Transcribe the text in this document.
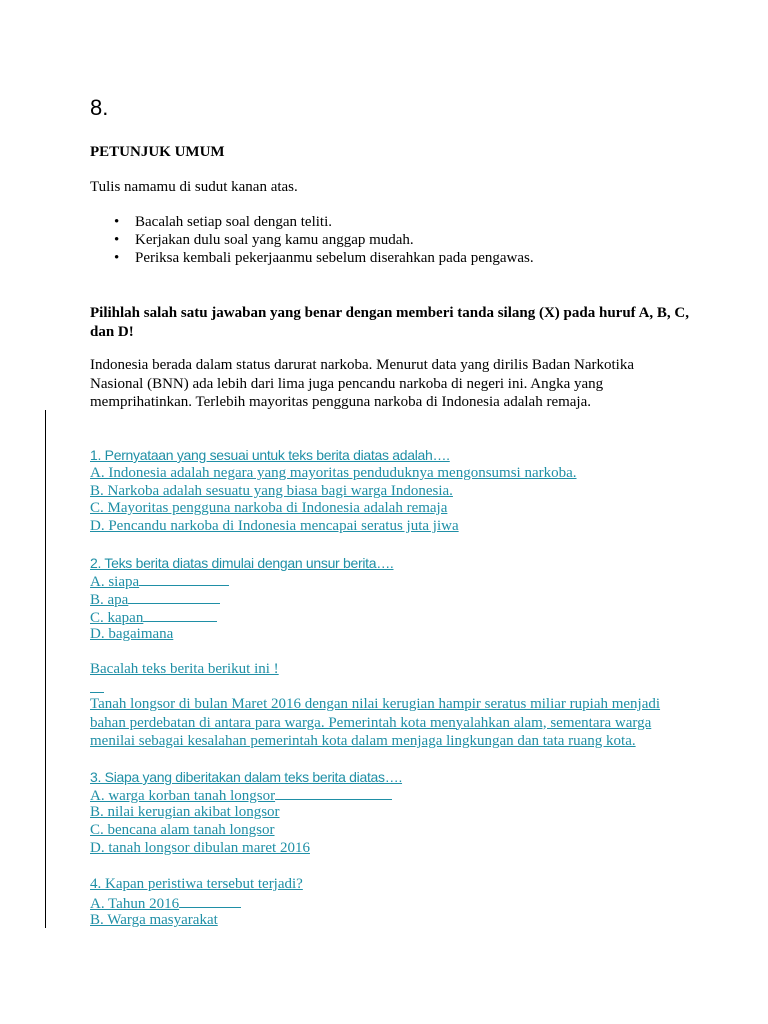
8.
PETUNJUK UMUM
Tulis namamu di sudut kanan atas.
• Bacalah setiap soal dengan teliti.
• Kerjakan dulu soal yang kamu anggap mudah.
• Periksa kembali pekerjaanmu sebelum diserahkan pada pengawas.
Pilihlah salah satu jawaban yang benar dengan memberi tanda silang (X) pada huruf A, B, C, dan D!
Indonesia berada dalam status darurat narkoba. Menurut data yang dirilis Badan Narkotika Nasional (BNN) ada lebih dari lima juga pencandu narkoba di negeri ini. Angka yang memprihatinkan. Terlebih mayoritas pengguna narkoba di Indonesia adalah remaja.
1. Pernyataan yang sesuai untuk teks berita diatas adalah….
A. Indonesia adalah negara yang mayoritas penduduknya mengonsumsi narkoba.
B. Narkoba adalah sesuatu yang biasa bagi warga Indonesia.
C. Mayoritas pengguna narkoba di Indonesia adalah remaja
D. Pencandu narkoba di Indonesia mencapai seratus juta jiwa
2. Teks berita diatas dimulai dengan unsur berita….
A. siapa
B. apa
C. kapan
D. bagaimana
Bacalah teks berita berikut ini !
Tanah longsor di bulan Maret 2016 dengan nilai kerugian hampir seratus miliar rupiah menjadi bahan perdebatan di antara para warga. Pemerintah kota menyalahkan alam, sementara warga menilai sebagai kesalahan pemerintah kota dalam menjaga lingkungan dan tata ruang kota.
3. Siapa yang diberitakan dalam teks berita diatas….
A. warga korban tanah longsor
B. nilai kerugian akibat longsor
C. bencana alam tanah longsor
D. tanah longsor dibulan maret 2016
4. Kapan peristiwa tersebut terjadi?
A. Tahun 2016
B. Warga masyarakat
